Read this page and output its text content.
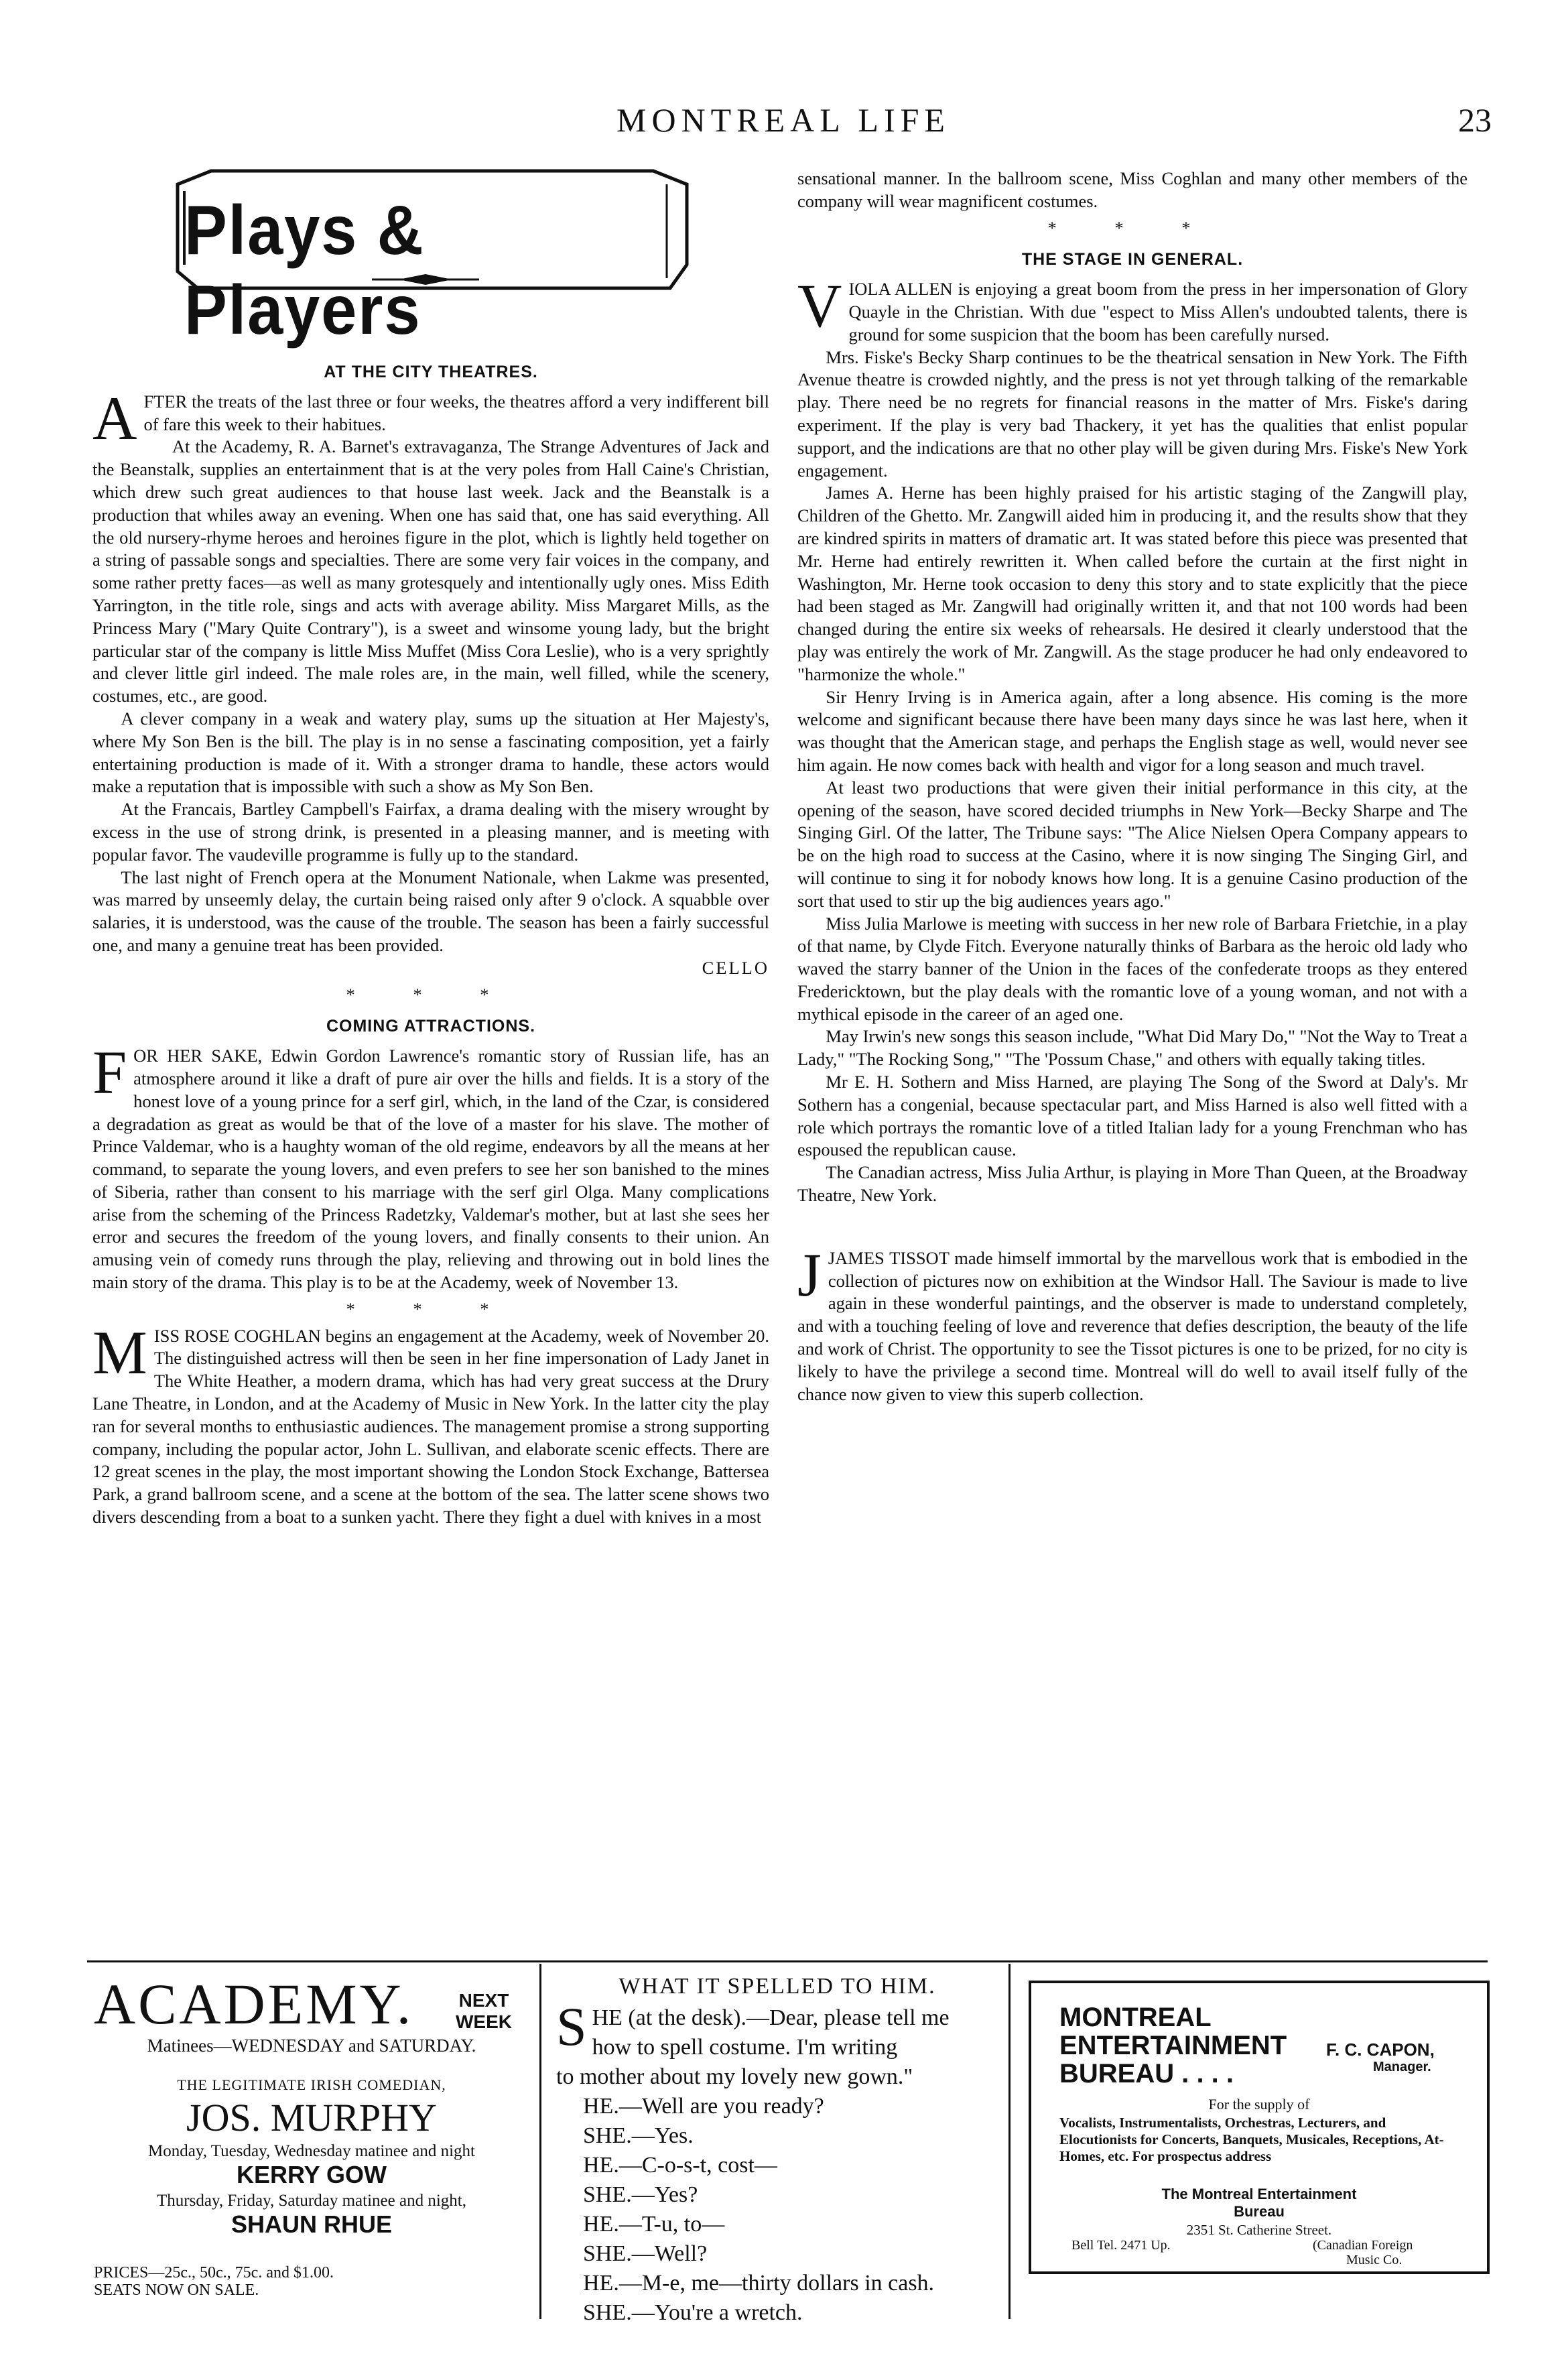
MONTREAL LIFE	23
Plays & Players
AT THE CITY THEATRES.

AFTER the treats of the last three or four weeks, the theatres afford a very indifferent bill of fare this week to their habitues.

At the Academy, R. A. Barnet's extravaganza, The Strange Adventures of Jack and the Beanstalk, supplies an entertainment that is at the very poles from Hall Caine's Christian, which drew such great audiences to that house last week. Jack and the Beanstalk is a production that whiles away an evening. When one has said that, one has said everything. All the old nursery-rhyme heroes and heroines figure in the plot, which is lightly held together on a string of passable songs and specialties. There are some very fair voices in the company, and some rather pretty faces—as well as many grotesquely and intentionally ugly ones. Miss Edith Yarrington, in the title role, sings and acts with average ability. Miss Margaret Mills, as the Princess Mary ("Mary Quite Contrary"), is a sweet and winsome young lady, but the bright particular star of the company is little Miss Muffet (Miss Cora Leslie), who is a very sprightly and clever little girl indeed. The male roles are, in the main, well filled, while the scenery, costumes, etc., are good.

A clever company in a weak and watery play, sums up the situation at Her Majesty's, where My Son Ben is the bill. The play is in no sense a fascinating composition, yet a fairly entertaining production is made of it. With a stronger drama to handle, these actors would make a reputation that is impossible with such a show as My Son Ben.

At the Francais, Bartley Campbell's Fairfax, a drama dealing with the misery wrought by excess in the use of strong drink, is presented in a pleasing manner, and is meeting with popular favor. The vaudeville programme is fully up to the standard.

The last night of French opera at the Monument Nationale, when Lakme was presented, was marred by unseemly delay, the curtain being raised only after 9 o'clock. A squabble over salaries, it is understood, was the cause of the trouble. The season has been a fairly successful one, and many a genuine treat has been provided.

CELLO
* * *
COMING ATTRACTIONS.

FOR HER SAKE, Edwin Gordon Lawrence's romantic story of Russian life, has an atmosphere around it like a draft of pure air over the hills and fields. It is a story of the honest love of a young prince for a serf girl, which, in the land of the Czar, is considered a degradation as great as would be that of the love of a master for his slave. The mother of Prince Valdemar, who is a haughty woman of the old regime, endeavors by all the means at her command, to separate the young lovers, and even prefers to see her son banished to the mines of Siberia, rather than consent to his marriage with the serf girl Olga. Many complications arise from the scheming of the Princess Radetzky, Valdemar's mother, but at last she sees her error and secures the freedom of the young lovers, and finally consents to their union. An amusing vein of comedy runs through the play, relieving and throwing out in bold lines the main story of the drama. This play is to be at the Academy, week of November 13.

* * *

MISS ROSE COGHLAN begins an engagement at the Academy, week of November 20. The distinguished actress will then be seen in her fine impersonation of Lady Janet in The White Heather, a modern drama, which has had very great success at the Drury Lane Theatre, in London, and at the Academy of Music in New York. In the latter city the play ran for several months to enthusiastic audiences. The management promise a strong supporting company, including the popular actor, John L. Sullivan, and elaborate scenic effects. There are 12 great scenes in the play, the most important showing the London Stock Exchange, Battersea Park, a grand ballroom scene, and a scene at the bottom of the sea. The latter scene shows two divers descending from a boat to a sunken yacht. There they fight a duel with knives in a most

sensational manner. In the ballroom scene, Miss Coghlan and many other members of the company will wear magnificent costumes.

* * *
THE STAGE IN GENERAL.

VIOLA ALLEN is enjoying a great boom from the press in her impersonation of Glory Quayle in the Christian. With due "espect to Miss Allen's undoubted talents, there is ground for some suspicion that the boom has been carefully nursed.

Mrs. Fiske's Becky Sharp continues to be the theatrical sensation in New York. The Fifth Avenue theatre is crowded nightly, and the press is not yet through talking of the remarkable play. There need be no regrets for financial reasons in the matter of Mrs. Fiske's daring experiment. If the play is very bad Thackery, it yet has the qualities that enlist popular support, and the indications are that no other play will be given during Mrs. Fiske's New York engagement.

James A. Herne has been highly praised for his artistic staging of the Zangwill play, Children of the Ghetto. Mr. Zangwill aided him in producing it, and the results show that they are kindred spirits in matters of dramatic art. It was stated before this piece was presented that Mr. Herne had entirely rewritten it. When called before the curtain at the first night in Washington, Mr. Herne took occasion to deny this story and to state explicitly that the piece had been staged as Mr. Zangwill had originally written it, and that not 100 words had been changed during the entire six weeks of rehearsals. He desired it clearly understood that the play was entirely the work of Mr. Zangwill. As the stage producer he had only endeavored to "harmonize the whole."

Sir Henry Irving is in America again, after a long absence. His coming is the more welcome and significant because there have been many days since he was last here, when it was thought that the American stage, and perhaps the English stage as well, would never see him again. He now comes back with health and vigor for a long season and much travel.

At least two productions that were given their initial performance in this city, at the opening of the season, have scored decided triumphs in New York—Becky Sharpe and The Singing Girl. Of the latter, The Tribune says: "The Alice Nielsen Opera Company appears to be on the high road to success at the Casino, where it is now singing The Singing Girl, and will continue to sing it for nobody knows how long. It is a genuine Casino production of the sort that used to stir up the big audiences years ago."

Miss Julia Marlowe is meeting with success in her new role of Barbara Frietchie, in a play of that name, by Clyde Fitch. Everyone naturally thinks of Barbara as the heroic old lady who waved the starry banner of the Union in the faces of the confederate troops as they entered Fredericktown, but the play deals with the romantic love of a young woman, and not with a mythical episode in the career of an aged one.

May Irwin's new songs this season include, "What Did Mary Do," "Not the Way to Treat a Lady," "The Rocking Song," "The 'Possum Chase," and others with equally taking titles.

Mr E. H. Sothern and Miss Harned, are playing The Song of the Sword at Daly's. Mr Sothern has a congenial, because spectacular part, and Miss Harned is also well fitted with a role which portrays the romantic love of a titled Italian lady for a young Frenchman who has espoused the republican cause.

The Canadian actress, Miss Julia Arthur, is playing in More Than Queen, at the Broadway Theatre, New York.

JJAMES TISSOT made himself immortal by the marvellous work that is embodied in the collection of pictures now on exhibition at the Windsor Hall. The Saviour is made to live again in these wonderful paintings, and the observer is made to understand completely, and with a touching feeling of love and reverence that defies description, the beauty of the life and work of Christ. The opportunity to see the Tissot pictures is one to be prized, for no city is likely to have the privilege a second time. Montreal will do well to avail itself fully of the chance now given to view this superb collection.

ACADEMY.	NEXT
WEEK
Matinees—WEDNESDAY and SATURDAY.
THE LEGITIMATE IRISH COMEDIAN,
JOS. MURPHY
Monday, Tuesday, Wednesday matinee and night
KERRY GOW
Thursday, Friday, Saturday matinee and night,
SHAUN RHUE
PRICES—25c., 50c., 75c. and $1.00.
SEATS NOW ON SALE.
WHAT IT SPELLED TO HIM.

SHE (at the desk).—Dear, please tell me

how to spell costume. I'm writing

to mother about my lovely new gown."

HE.—Well are you ready?

SHE.—Yes.

HE.—C-o-s-t, cost—

SHE.—Yes?

HE.—T-u, to—

SHE.—Well?

HE.—M-e, me—thirty dollars in cash.

SHE.—You're a wretch.

MONTREAL
ENTERTAINMENT
BUREAU . . . .
F. C. CAPON,
Manager.
For the supply of
Vocalists, Instrumentalists, Orchestras, Lecturers, and Elocutionists for Concerts, Banquets, Musicales, Receptions, At-Homes, etc. For prospectus address
The Montreal Entertainment
Bureau
2351 St. Catherine Street.
Bell Tel. 2471 Up.	(Canadian Foreign
Music Co.
